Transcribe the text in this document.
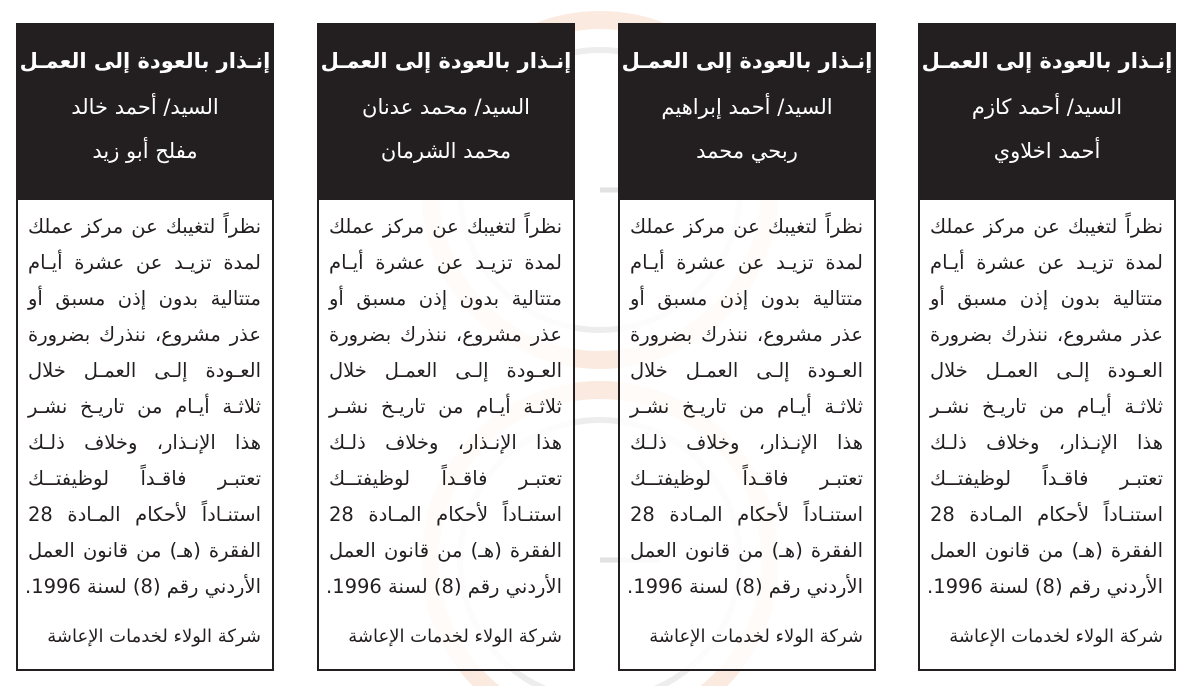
إنـذار بالعودة إلى العمـل
السيد/ أحمد كازم
أحمد اخلاوي
نظراً لتغيبك عن مركز عملك
لمدة تزيـد عن عشرة أيـام
متتالية بدون إذن مسبق أو
عذر مشروع، ننذرك بضرورة
العـودة إلـى العمـل خلال
ثلاثـة أيـام من تاريـخ نشـر
هذا الإنـذار، وخلاف ذلـك
تعتبـر فاقـداً لوظيفتــك
استنـاداً لأحكام المـادة 28
الفقرة (هـ) من قانون العمل
الأردني رقم (8) لسنة 1996.
شركة الولاء لخدمات الإعاشة
إنـذار بالعودة إلى العمـل
السيد/ أحمد إبراهيم
ربحي محمد
نظراً لتغيبك عن مركز عملك
لمدة تزيـد عن عشرة أيـام
متتالية بدون إذن مسبق أو
عذر مشروع، ننذرك بضرورة
العـودة إلـى العمـل خلال
ثلاثـة أيـام من تاريـخ نشـر
هذا الإنـذار، وخلاف ذلـك
تعتبـر فاقـداً لوظيفتــك
استنـاداً لأحكام المـادة 28
الفقرة (هـ) من قانون العمل
الأردني رقم (8) لسنة 1996.
شركة الولاء لخدمات الإعاشة
إنـذار بالعودة إلى العمـل
السيد/ محمد عدنان
محمد الشرمان
نظراً لتغيبك عن مركز عملك
لمدة تزيـد عن عشرة أيـام
متتالية بدون إذن مسبق أو
عذر مشروع، ننذرك بضرورة
العـودة إلـى العمـل خلال
ثلاثـة أيـام من تاريـخ نشـر
هذا الإنـذار، وخلاف ذلـك
تعتبـر فاقـداً لوظيفتــك
استنـاداً لأحكام المـادة 28
الفقرة (هـ) من قانون العمل
الأردني رقم (8) لسنة 1996.
شركة الولاء لخدمات الإعاشة
إنـذار بالعودة إلى العمـل
السيد/ أحمد خالد
مفلح أبو زيد
نظراً لتغيبك عن مركز عملك
لمدة تزيـد عن عشرة أيـام
متتالية بدون إذن مسبق أو
عذر مشروع، ننذرك بضرورة
العـودة إلـى العمـل خلال
ثلاثـة أيـام من تاريـخ نشـر
هذا الإنـذار، وخلاف ذلـك
تعتبـر فاقـداً لوظيفتــك
استنـاداً لأحكام المـادة 28
الفقرة (هـ) من قانون العمل
الأردني رقم (8) لسنة 1996.
شركة الولاء لخدمات الإعاشة
